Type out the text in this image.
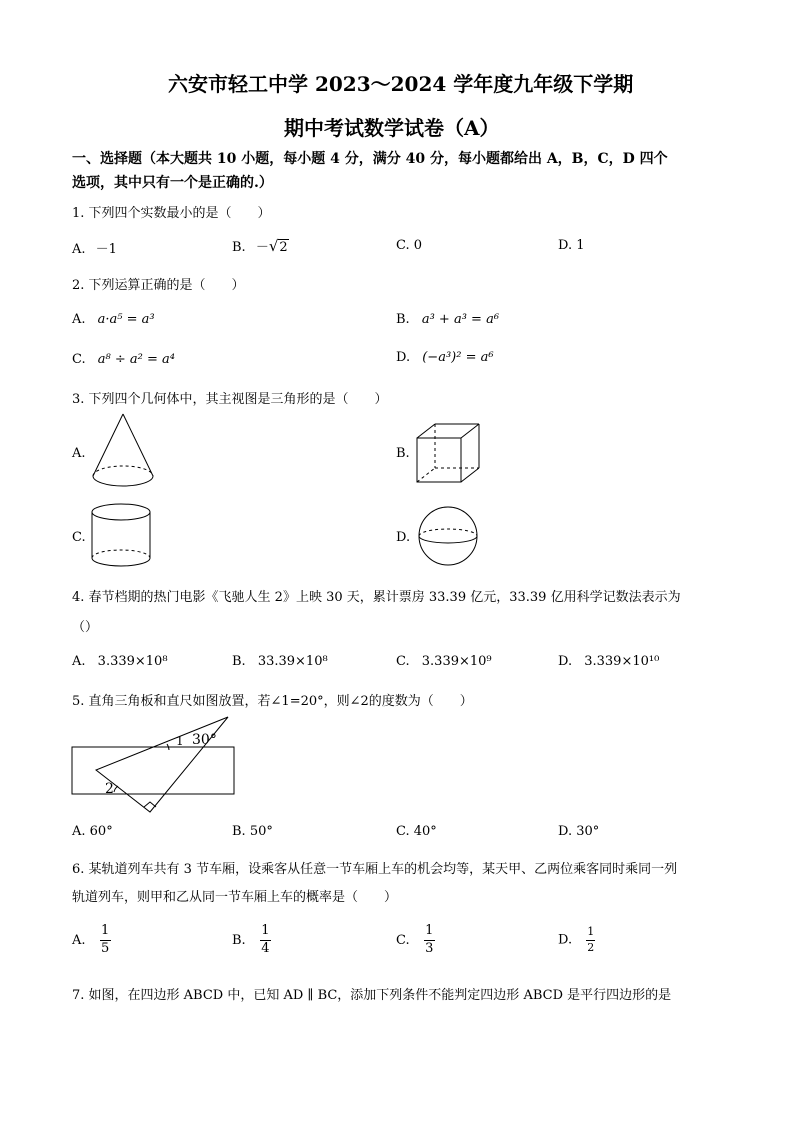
六安市轻工中学 2023～2024 学年度九年级下学期
期中考试数学试卷（A）
一、选择题（本大题共 10 小题，每小题 4 分，满分 40 分，每小题都给出 A，B，C，D 四个
选项，其中只有一个是正确的.）
1. 下列四个实数最小的是（　　）
A. －1	B. －√2	C. 0	D. 1
2. 下列运算正确的是（　　）
A. a·a⁵ = a³	B. a³ + a³ = a⁶
C. a⁸ ÷ a² = a⁴	D. (−a³)² = a⁶
3. 下列四个几何体中，其主视图是三角形的是（　　）
A.	B.
C.	D.
4. 春节档期的热门电影《飞驰人生 2》上映 30 天，累计票房 33.39 亿元，33.39 亿用科学记数法表示为
（）
A. 3.339×10⁸	B. 33.39×10⁸	C. 3.339×10⁹	D. 3.339×10¹⁰
5. 直角三角板和直尺如图放置，若∠1=20°，则∠2的度数为（　　）
30°
1
2
A. 60°	B. 50°	C. 40°	D. 30°
6. 某轨道列车共有 3 节车厢，设乘客从任意一节车厢上车的机会均等，某天甲、乙两位乘客同时乘同一列
轨道列车，则甲和乙从同一节车厢上车的概率是（　　）
A. $\frac{1}{5}$	B. $\frac{1}{4}$	C. $\frac{1}{3}$	D. $\frac{1}{2}$
7. 如图，在四边形 ABCD 中，已知 AD ∥ BC，添加下列条件不能判定四边形 ABCD 是平行四边形的是
